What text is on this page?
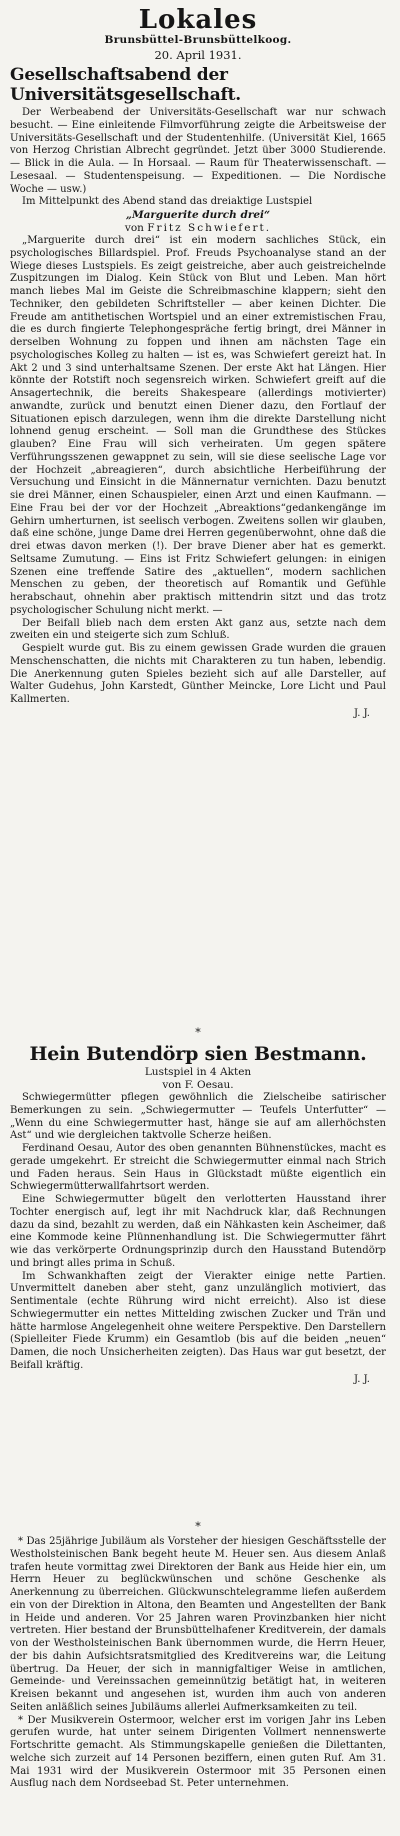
Lokales
Brunsbüttel-Brunsbüttelkoog.
20. April 1931.
Gesellschaftsabend der Universitätsgesellschaft.

Der Werbeabend der Universitäts-Gesellschaft war nur schwach besucht. — Eine einleitende Filmvorführung zeigte die Arbeitsweise der Universitäts-Gesellschaft und der Studentenhilfe. (Universität Kiel, 1665 von Herzog Christian Albrecht gegründet. Jetzt über 3000 Studierende. — Blick in die Aula. — In Horsaal. — Raum für Theaterwissenschaft. — Lesesaal. — Studentenspeisung. — Expeditionen. — Die Nordische Woche — usw.)

Im Mittelpunkt des Abend stand das dreiaktige Lustspiel

„Marguerite durch drei“
von Fritz Schwiefert.

„Marguerite durch drei“ ist ein modern sachliches Stück, ein psychologisches Billardspiel. Prof. Freuds Psychoanalyse stand an der Wiege dieses Lustspiels. Es zeigt geistreiche, aber auch geistreichelnde Zuspitzungen im Dialog. Kein Stück von Blut und Leben. Man hört manch liebes Mal im Geiste die Schreibmaschine klappern; sieht den Techniker, den gebildeten Schriftsteller — aber keinen Dichter. Die Freude am antithetischen Wortspiel und an einer extremistischen Frau, die es durch fingierte Telephongespräche fertig bringt, drei Männer in derselben Wohnung zu foppen und ihnen am nächsten Tage ein psychologisches Kolleg zu halten — ist es, was Schwiefert gereizt hat. In Akt 2 und 3 sind unterhaltsame Szenen. Der erste Akt hat Längen. Hier könnte der Rotstift noch segensreich wirken. Schwiefert greift auf die Ansagertechnik, die bereits Shakespeare (allerdings motivierter) anwandte, zurück und benutzt einen Diener dazu, den Fortlauf der Situationen episch darzulegen, wenn ihm die direkte Darstellung nicht lohnend genug erscheint. — Soll man die Grundthese des Stückes glauben? Eine Frau will sich verheiraten. Um gegen spätere Verführungsszenen gewappnet zu sein, will sie diese seelische Lage vor der Hochzeit „abreagieren“, durch absichtliche Herbeiführung der Versuchung und Einsicht in die Männernatur vernichten. Dazu benutzt sie drei Männer, einen Schauspieler, einen Arzt und einen Kaufmann. — Eine Frau bei der vor der Hochzeit „Abreaktions“gedankengänge im Gehirn umherturnen, ist seelisch verbogen. Zweitens sollen wir glauben, daß eine schöne, junge Dame drei Herren gegenüberwohnt, ohne daß die drei etwas davon merken (!). Der brave Diener aber hat es gemerkt. Seltsame Zumutung. — Eins ist Fritz Schwiefert gelungen: in einigen Szenen eine treffende Satire des „aktuellen“, modern sachlichen Menschen zu geben, der theoretisch auf Romantik und Gefühle herabschaut, ohnehin aber praktisch mittendrin sitzt und das trotz psychologischer Schulung nicht merkt. —

Der Beifall blieb nach dem ersten Akt ganz aus, setzte nach dem zweiten ein und steigerte sich zum Schluß.

Gespielt wurde gut. Bis zu einem gewissen Grade wurden die grauen Menschenschatten, die nichts mit Charakteren zu tun haben, lebendig. Die Anerkennung guten Spieles bezieht sich auf alle Darsteller, auf Walter Gudehus, John Karstedt, Günther Meincke, Lore Licht und Paul Kallmerten.

J. J.
*
Hein Butendörp sien Bestmann.
Lustspiel in 4 Akten
von F. Oesau.

Schwiegermütter pflegen gewöhnlich die Zielscheibe satirischer Bemerkungen zu sein. „Schwiegermutter — Teufels Unterfutter“ — „Wenn du eine Schwiegermutter hast, hänge sie auf am allerhöchsten Ast“ und wie dergleichen taktvolle Scherze heißen.

Ferdinand Oesau, Autor des oben genannten Bühnenstückes, macht es gerade umgekehrt. Er streicht die Schwiegermutter einmal nach Strich und Faden heraus. Sein Haus in Glückstadt müßte eigentlich ein Schwiegermütterwallfahrtsort werden.

Eine Schwiegermutter bügelt den verlotterten Hausstand ihrer Tochter energisch auf, legt ihr mit Nachdruck klar, daß Rechnungen dazu da sind, bezahlt zu werden, daß ein Nähkasten kein Ascheimer, daß eine Kommode keine Plünnenhandlung ist. Die Schwiegermutter fährt wie das verkörperte Ordnungsprinzip durch den Hausstand Butendörp und bringt alles prima in Schuß.

Im Schwankhaften zeigt der Vierakter einige nette Partien. Unvermittelt daneben aber steht, ganz unzulänglich motiviert, das Sentimentale (echte Rührung wird nicht erreicht). Also ist diese Schwiegermutter ein nettes Mittelding zwischen Zucker und Trän und hätte harmlose Angelegenheit ohne weitere Perspektive. Den Darstellern (Spielleiter Fiede Krumm) ein Gesamtlob (bis auf die beiden „neuen“ Damen, die noch Unsicherheiten zeigten). Das Haus war gut besetzt, der Beifall kräftig.

J. J.
*

* Das 25jährige Jubiläum als Vorsteher der hiesigen Geschäftsstelle der Westholsteinischen Bank begeht heute M. Heuer sen. Aus diesem Anlaß trafen heute vormittag zwei Direktoren der Bank aus Heide hier ein, um Herrn Heuer zu beglückwünschen und schöne Geschenke als Anerkennung zu überreichen. Glückwunschtelegramme liefen außerdem ein von der Direktion in Altona, den Beamten und Angestellten der Bank in Heide und anderen. Vor 25 Jahren waren Provinzbanken hier nicht vertreten. Hier bestand der Brunsbüttelhafener Kreditverein, der damals von der Westholsteinischen Bank übernommen wurde, die Herrn Heuer, der bis dahin Aufsichtsratsmitglied des Kreditvereins war, die Leitung übertrug. Da Heuer, der sich in mannigfaltiger Weise in amtlichen, Gemeinde- und Vereinssachen gemeinnützig betätigt hat, in weiteren Kreisen bekannt und angesehen ist, wurden ihm auch von anderen Seiten anläßlich seines Jubiläums allerlei Aufmerksamkeiten zu teil.

* Der Musikverein Ostermoor, welcher erst im vorigen Jahr ins Leben gerufen wurde, hat unter seinem Dirigenten Vollmert nennenswerte Fortschritte gemacht. Als Stimmungskapelle genießen die Dilettanten, welche sich zurzeit auf 14 Personen beziffern, einen guten Ruf. Am 31. Mai 1931 wird der Musikverein Ostermoor mit 35 Personen einen Ausflug nach dem Nordseebad St. Peter unternehmen.
